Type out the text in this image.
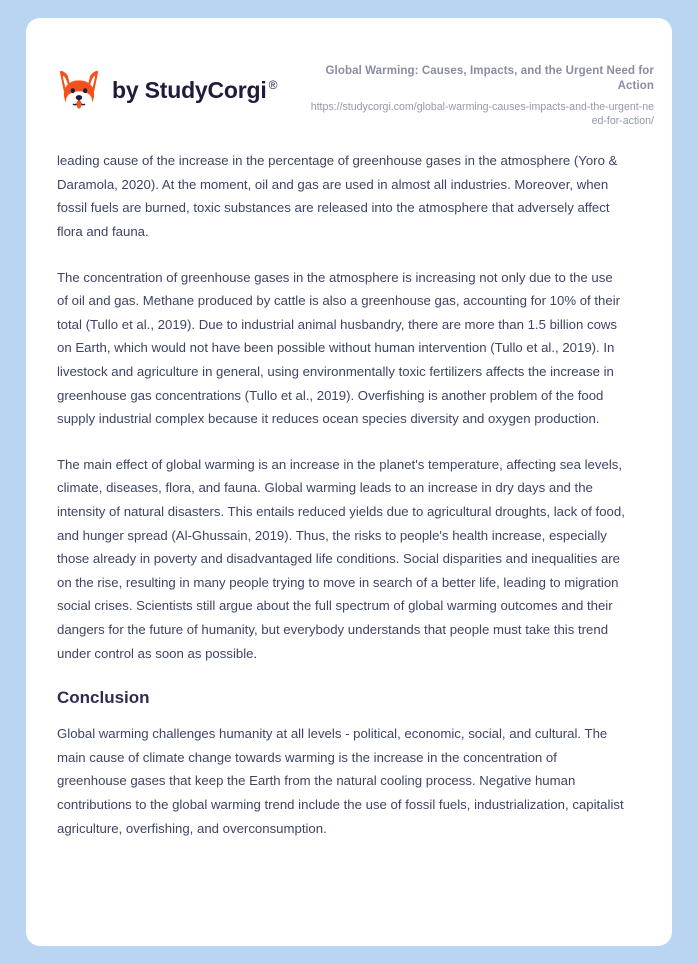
by StudyCorgi ®
Global Warming: Causes, Impacts, and the Urgent Need for Action
https://studycorgi.com/global-warming-causes-impacts-and-the-urgent-need-for-action/

leading cause of the increase in the percentage of greenhouse gases in the atmosphere (Yoro & Daramola, 2020). At the moment, oil and gas are used in almost all industries. Moreover, when fossil fuels are burned, toxic substances are released into the atmosphere that adversely affect flora and fauna.

The concentration of greenhouse gases in the atmosphere is increasing not only due to the use of oil and gas. Methane produced by cattle is also a greenhouse gas, accounting for 10% of their total (Tullo et al., 2019). Due to industrial animal husbandry, there are more than 1.5 billion cows on Earth, which would not have been possible without human intervention (Tullo et al., 2019). In livestock and agriculture in general, using environmentally toxic fertilizers affects the increase in greenhouse gas concentrations (Tullo et al., 2019). Overfishing is another problem of the food supply industrial complex because it reduces ocean species diversity and oxygen production.

The main effect of global warming is an increase in the planet's temperature, affecting sea levels, climate, diseases, flora, and fauna. Global warming leads to an increase in dry days and the intensity of natural disasters. This entails reduced yields due to agricultural droughts, lack of food, and hunger spread (Al-Ghussain, 2019). Thus, the risks to people's health increase, especially those already in poverty and disadvantaged life conditions. Social disparities and inequalities are on the rise, resulting in many people trying to move in search of a better life, leading to migration social crises. Scientists still argue about the full spectrum of global warming outcomes and their dangers for the future of humanity, but everybody understands that people must take this trend under control as soon as possible.

Conclusion

Global warming challenges humanity at all levels - political, economic, social, and cultural. The main cause of climate change towards warming is the increase in the concentration of greenhouse gases that keep the Earth from the natural cooling process. Negative human contributions to the global warming trend include the use of fossil fuels, industrialization, capitalist agriculture, overfishing, and overconsumption.
